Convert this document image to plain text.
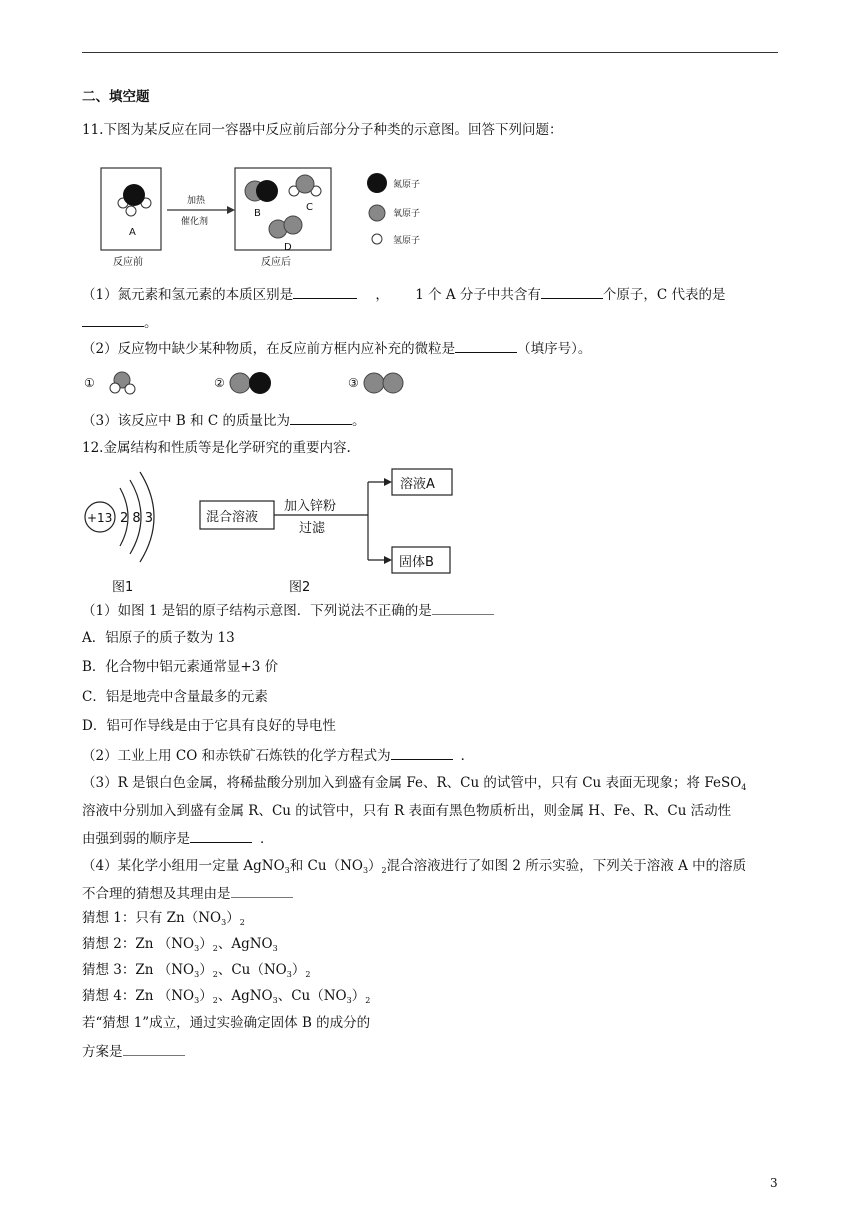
二、填空题
11.下图为某反应在同一容器中反应前后部分分子种类的示意图。回答下列问题：
A
加热
催化剂
B
C
D
反应前	反应后
氮原子
氧原子
氢原子
（1）氮元素和氢元素的本质区别是	， 1 个 A 分子中共含有	个原子，C 代表的是
。
（2）反应物中缺少某种物质，在反应前方框内应补充的微粒是	（填序号）。
①	②	③
（3）该反应中 B 和 C 的质量比为	。
12.金属结构和性质等是化学研究的重要内容.
+13 2 8 3
图1
混合溶液
加入锌粉
过滤
溶液A
固体B
图2
（1）如图 1 是铝的原子结构示意图．下列说法不正确的是
A．铝原子的质子数为 13
B．化合物中铝元素通常显+3 价
C．铝是地壳中含量最多的元素
D．铝可作导线是由于它具有良好的导电性
（2）工业上用 CO 和赤铁矿石炼铁的化学方程式为	．
（3）R 是银白色金属，将稀盐酸分别加入到盛有金属 Fe、R、Cu 的试管中，只有 Cu 表面无现象；将 FeSO$_4$
溶液中分别加入到盛有金属 R、Cu 的试管中，只有 R 表面有黑色物质析出，则金属 H、Fe、R、Cu 活动性
由强到弱的顺序是	．
（4）某化学小组用一定量 AgNO$_3$和 $Cu(NO_3)_2$混合溶液进行了如图 2 所示实验，下列关于溶液 A 中的溶质
不合理的猜想及其理由是
猜想 1：只有 $Zn(NO_3)_2$
猜想 2：Zn $(NO_3)_2$、AgNO$_3$
猜想 3：Zn $(NO_3)_2$、$Cu(NO_3)_2$
猜想 4：Zn $(NO_3)_2$、AgNO$_3$、$Cu(NO_3)_2$
若“猜想 1”成立，通过实验确定固体 B 的成分的
方案是
3
